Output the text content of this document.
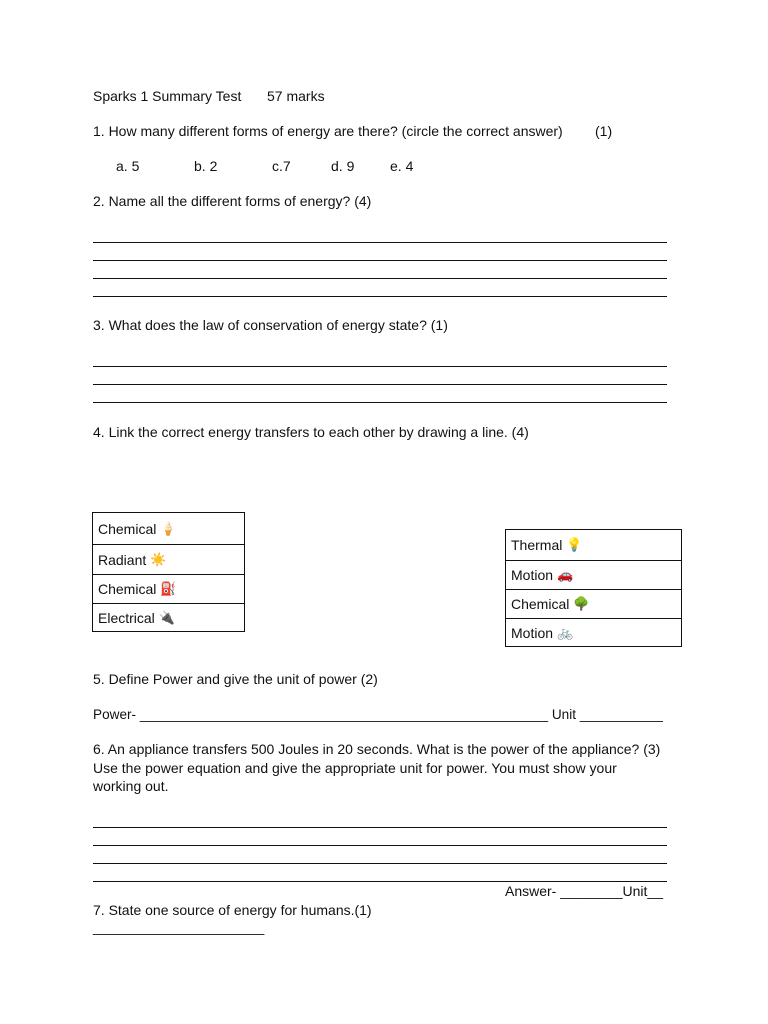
Sparks 1 Summary Test 57 marks
1. How many different forms of energy are there? (circle the correct answer) (1)
a. 5	b. 2	c.7	d. 9	e. 4
2. Name all the different forms of energy? (4)
3. What does the law of conservation of energy state? (1)
4. Link the correct energy transfers to each other by drawing a line. (4)
Chemical 🍦
Radiant ☀️
Chemical ⛽
Electrical 🔌
Thermal 💡
Motion 🚗
Chemical 🌳
Motion 🚲
5. Define Power and give the unit of power (2)
Power- ______________________________________________________ Unit ___________
6. An appliance transfers 500 Joules in 20 seconds. What is the power of the appliance? (3)
Use the power equation and give the appropriate unit for power. You must show your
working out.
Answer- ________Unit__
7. State one source of energy for humans.(1)
______________________
